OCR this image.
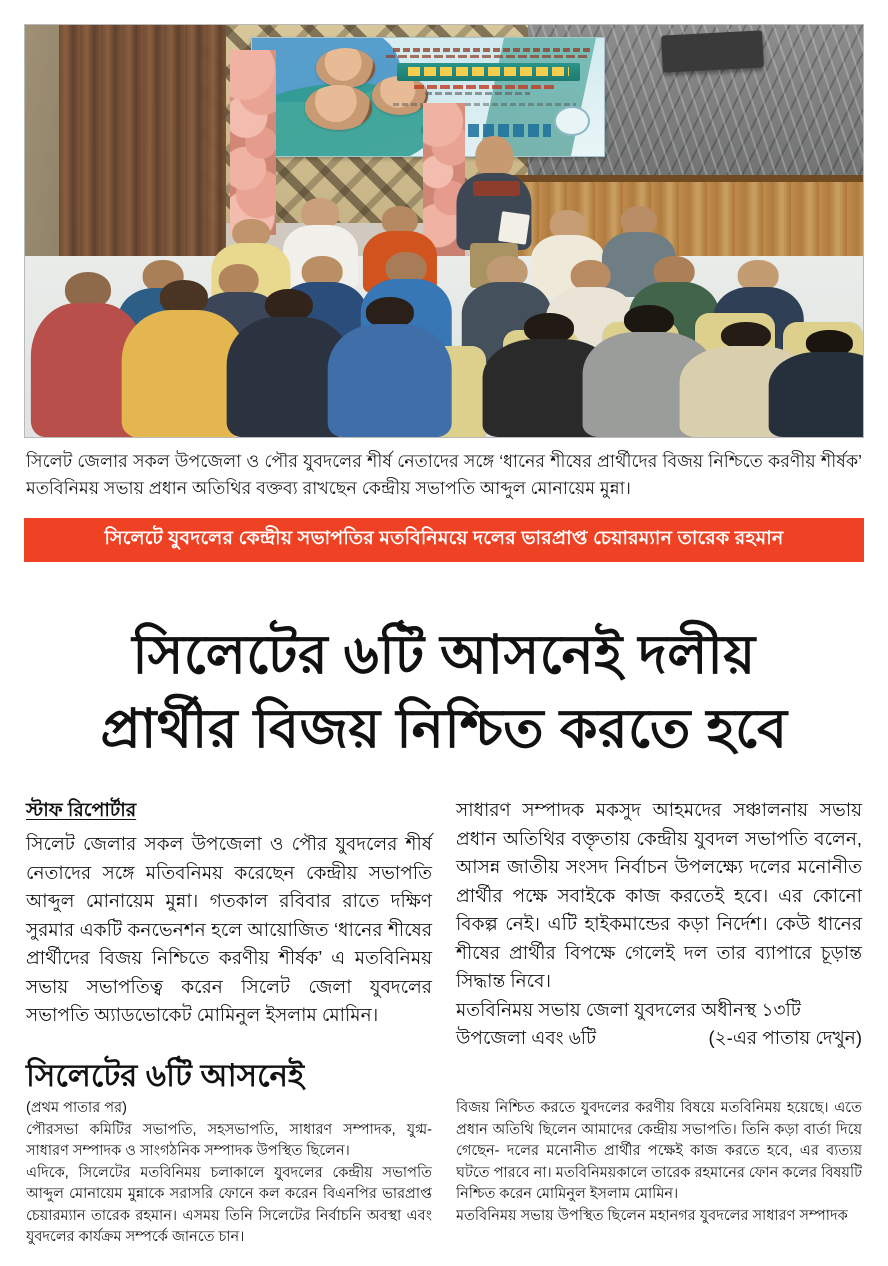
সিলেট জেলার সকল উপজেলা ও পৌর যুবদলের শীর্ষ নেতাদের সঙ্গে ‘ধানের শীষের প্রার্থীদের বিজয় নিশ্চিতে করণীয় শীর্ষক’ মতবিনিময় সভায় প্রধান অতিথির বক্তব্য রাখছেন কেন্দ্রীয় সভাপতি আব্দুল মোনায়েম মুন্না।
সিলেটে যুবদলের কেন্দ্রীয় সভাপতির মতবিনিময়ে দলের ভারপ্রাপ্ত চেয়ারম্যান তারেক রহমান
সিলেটের ৬টি আসনেই দলীয়
প্রার্থীর বিজয় নিশ্চিত করতে হবে
স্টাফ রিপোর্টার

সিলেট জেলার সকল উপজেলা ও পৌর যুবদলের শীর্ষ নেতাদের সঙ্গে মতিবনিময় করেছেন কেন্দ্রীয় সভাপতি আব্দুল মোনায়েম মুন্না। গতকাল রবিবার রাতে দক্ষিণ সুরমার একটি কনভেনশন হলে আয়োজিত ‘ধানের শীষের প্রার্থীদের বিজয় নিশ্চিতে করণীয় শীর্ষক’ এ মতবিনিময় সভায় সভাপতিত্ব করেন সিলেট জেলা যুবদলের সভাপতি অ্যাডভোকেট মোমিনুল ইসলাম মোমিন।

সাধারণ সম্পাদক মকসুদ আহমদের সঞ্চালনায় সভায় প্রধান অতিথির বক্তৃতায় কেন্দ্রীয় যুবদল সভাপতি বলেন, আসন্ন জাতীয় সংসদ নির্বাচন উপলক্ষ্যে দলের মনোনীত প্রার্থীর পক্ষে সবাইকে কাজ করতেই হবে। এর কোনো বিকল্প নেই। এটি হাইকমান্ডের কড়া নির্দেশ। কেউ ধানের শীষের প্রার্থীর বিপক্ষে গেলেই দল তার ব্যাপারে চূড়ান্ত সিদ্ধান্ত নিবে।

মতবিনিময় সভায় জেলা যুবদলের অধীনস্থ ১৩টি উপজেলা এবং ৬টি	(২-এর পাতায় দেখুন)

সিলেটের ৬টি আসনেই

(প্রথম পাতার পর)

পৌরসভা কমিটির সভাপতি, সহসভাপতি, সাধারণ সম্পাদক, যুগ্ম-সাধারণ সম্পাদক ও সাংগঠনিক সম্পাদক উপস্থিত ছিলেন।

এদিকে, সিলেটের মতবিনিময় চলাকালে যুবদলের কেন্দ্রীয় সভাপতি আব্দুল মোনায়েম মুন্নাকে সরাসরি ফোনে কল করেন বিএনপির ভারপ্রাপ্ত চেয়ারম্যান তারেক রহমান। এসময় তিনি সিলেটের নির্বাচনি অবস্থা এবং যুবদলের কার্যক্রম সম্পর্কে জানতে চান।

বিজয় নিশ্চিত করতে যুবদলের করণীয় বিষয়ে মতবিনিময় হয়েছে। এতে প্রধান অতিথি ছিলেন আমাদের কেন্দ্রীয় সভাপতি। তিনি কড়া বার্তা দিয়ে গেছেন- দলের মনোনীত প্রার্থীর পক্ষেই কাজ করতে হবে, এর ব্যত্যয় ঘটতে পারবে না। মতবিনিময়কালে তারেক রহমানের ফোন কলের বিষয়টি নিশ্চিত করেন মোমিনুল ইসলাম মোমিন।

মতবিনিময় সভায় উপস্থিত ছিলেন মহানগর যুবদলের সাধারণ সম্পাদক
